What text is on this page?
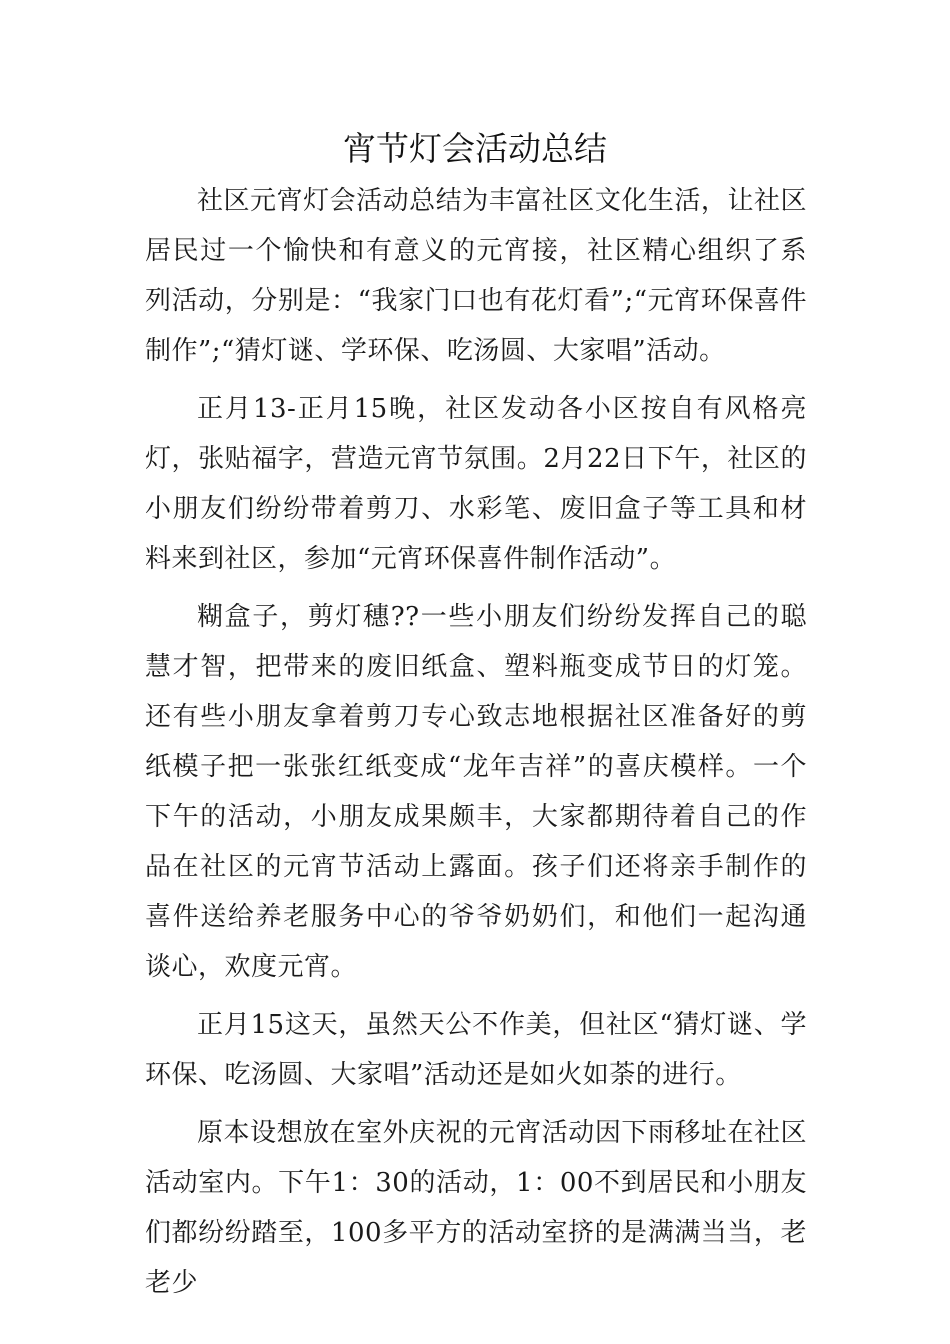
宵节灯会活动总结

社区元宵灯会活动总结为丰富社区文化生活，让社区居民过一个愉快和有意义的元宵接，社区精心组织了系列活动，分别是：“我家门口也有花灯看”;“元宵环保喜件制作”;“猜灯谜、学环保、吃汤圆、大家唱”活动。

正月13-正月15晚，社区发动各小区按自有风格亮灯，张贴福字，营造元宵节氛围。2月22日下午，社区的小朋友们纷纷带着剪刀、水彩笔、废旧盒子等工具和材料来到社区，参加“元宵环保喜件制作活动”。

糊盒子，剪灯穗??一些小朋友们纷纷发挥自己的聪慧才智，把带来的废旧纸盒、塑料瓶变成节日的灯笼。还有些小朋友拿着剪刀专心致志地根据社区准备好的剪纸模子把一张张红纸变成“龙年吉祥”的喜庆模样。一个下午的活动，小朋友成果颇丰，大家都期待着自己的作品在社区的元宵节活动上露面。孩子们还将亲手制作的喜件送给养老服务中心的爷爷奶奶们，和他们一起沟通谈心，欢度元宵。

正月15这天，虽然天公不作美，但社区“猜灯谜、学环保、吃汤圆、大家唱”活动还是如火如荼的进行。

原本设想放在室外庆祝的元宵活动因下雨移址在社区活动室内。下午1：30的活动，1：00不到居民和小朋友们都纷纷踏至，100多平方的活动室挤的是满满当当，老老少
